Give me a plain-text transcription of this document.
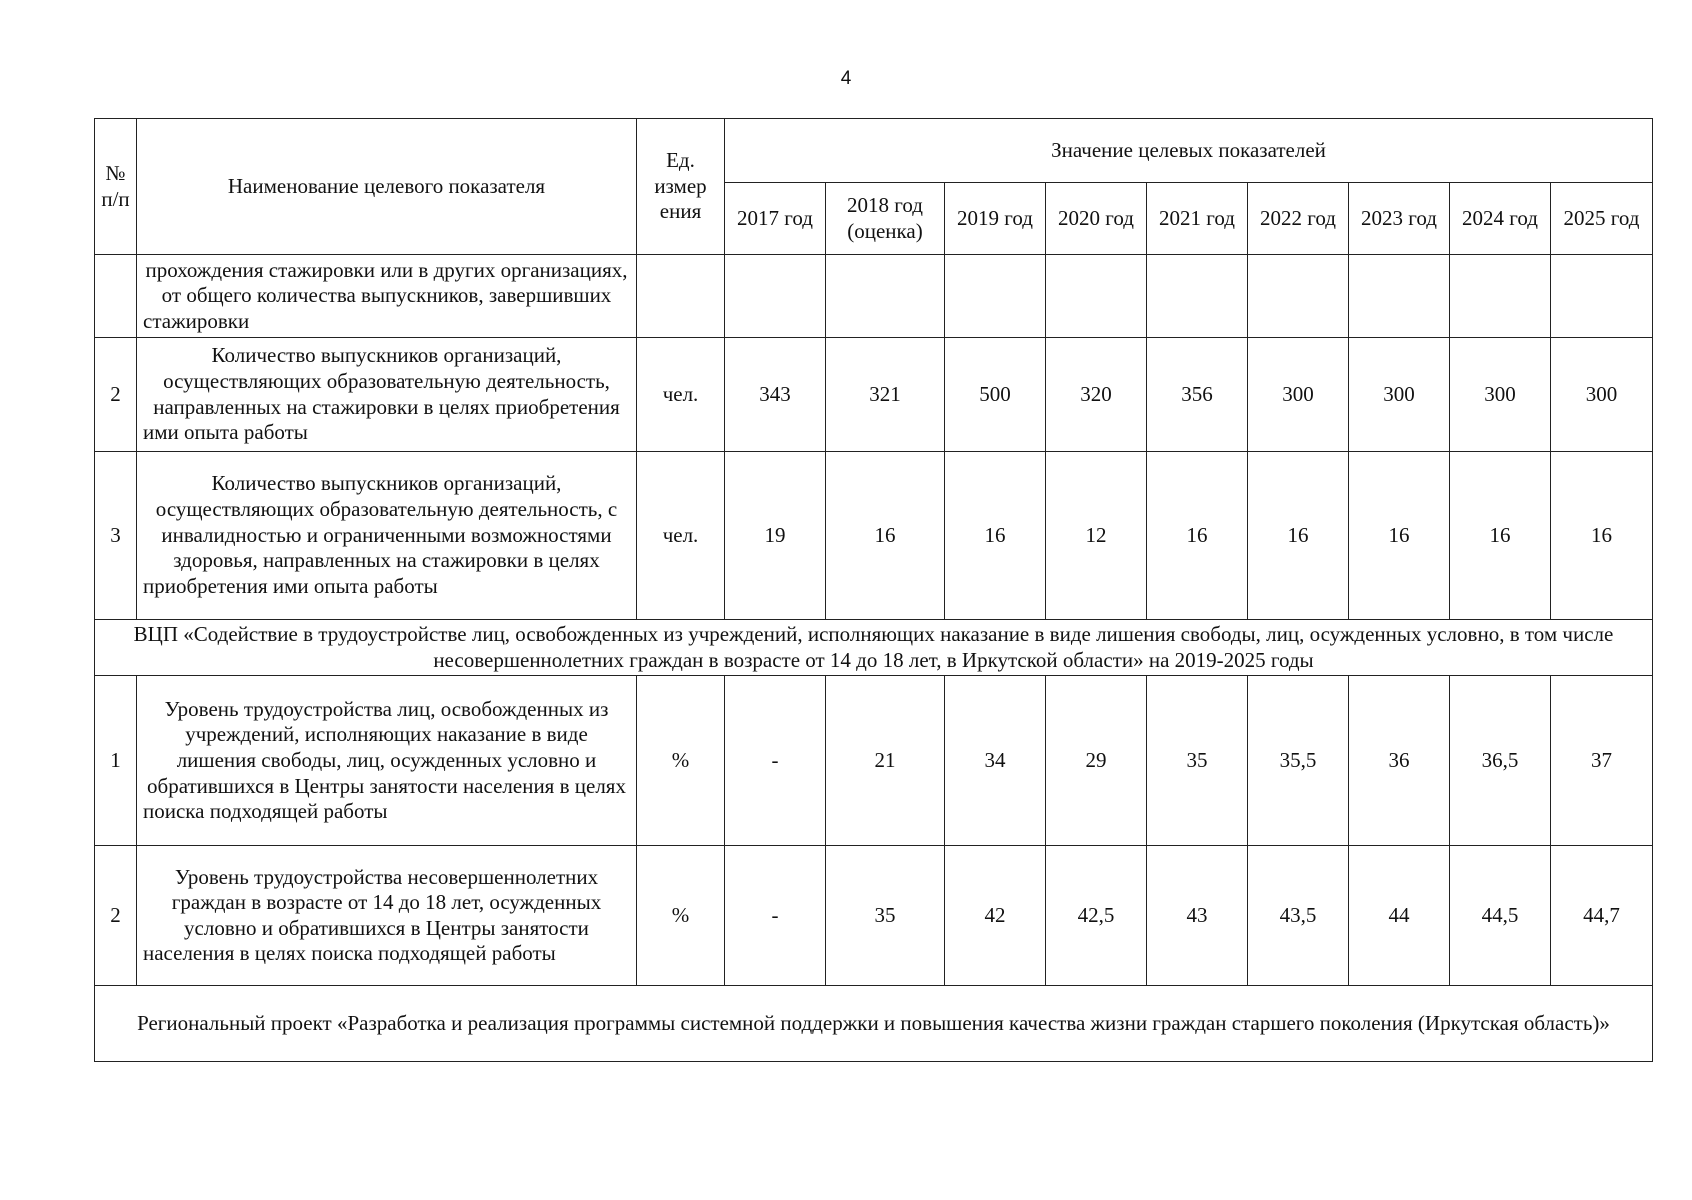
4
№ п/п	Наименование целевого показателя	Ед. измер ения	Значение целевых показателей								
			2017 год	2018 год (оценка)	2019 год	2020 год	2021 год	2022 год	2023 год	2024 год	2025 год
	прохождения стажировки или в других организациях, от общего количества выпускников, завершивших стажировки										
2	Количество выпускников организаций, осуществляющих образовательную деятельность, направленных на стажировки в целях приобретения ими опыта работы	чел.	343	321	500	320	356	300	300	300	300
3	Количество выпускников организаций, осуществляющих образовательную деятельность, с инвалидностью и ограниченными возможностями здоровья, направленных на стажировки в целях приобретения ими опыта работы	чел.	19	16	16	12	16	16	16	16	16
ВЦП «Содействие в трудоустройстве лиц, освобожденных из учреждений, исполняющих наказание в виде лишения свободы, лиц, осужденных условно, в том числе несовершеннолетних граждан в возрасте от 14 до 18 лет, в Иркутской области» на 2019-2025 годы											
1	Уровень трудоустройства лиц, освобожденных из учреждений, исполняющих наказание в виде лишения свободы, лиц, осужденных условно и обратившихся в Центры занятости населения в целях поиска подходящей работы	%	-	21	34	29	35	35,5	36	36,5	37
2	Уровень трудоустройства несовершеннолетних граждан в возрасте от 14 до 18 лет, осужденных условно и обратившихся в Центры занятости населения в целях поиска подходящей работы	%	-	35	42	42,5	43	43,5	44	44,5	44,7
Региональный проект «Разработка и реализация программы системной поддержки и повышения качества жизни граждан старшего поколения (Иркутская область)»											
